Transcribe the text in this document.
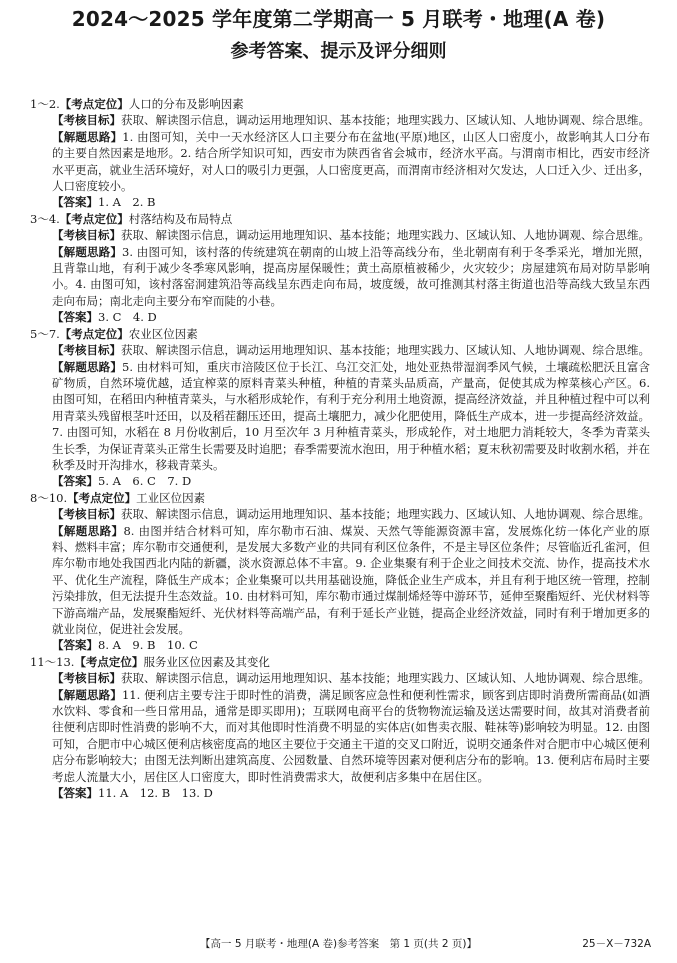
2024～2025 学年度第二学期高一 5 月联考・地理(A 卷)
参考答案、提示及评分细则

1～2.【考点定位】人口的分布及影响因素

【考核目标】获取、解读图示信息，调动运用地理知识、基本技能；地理实践力、区域认知、人地协调观、综合思维。

【解题思路】1. 由图可知，关中一天水经济区人口主要分布在盆地(平原)地区，山区人口密度小，故影响其人口分布的主要自然因素是地形。2. 结合所学知识可知，西安市为陕西省省会城市，经济水平高。与渭南市相比，西安市经济水平更高，就业生活环境好，对人口的吸引力更强，人口密度更高，而渭南市经济相对欠发达，人口迁入少、迁出多，人口密度较小。

【答案】1. A　2. B

3～4.【考点定位】村落结构及布局特点

【考核目标】获取、解读图示信息，调动运用地理知识、基本技能；地理实践力、区域认知、人地协调观、综合思维。

【解题思路】3. 由图可知，该村落的传统建筑在朝南的山坡上沿等高线分布，坐北朝南有利于冬季采光，增加光照，且背靠山地，有利于减少冬季寒风影响，提高房屋保暖性；黄土高原植被稀少，火灾较少；房屋建筑布局对防旱影响小。4. 由图可知，该村落窑洞建筑沿等高线呈东西走向布局，坡度缓，故可推测其村落主街道也沿等高线大致呈东西走向布局；南北走向主要分布窄而陡的小巷。

【答案】3. C　4. D

5～7.【考点定位】农业区位因素

【考核目标】获取、解读图示信息，调动运用地理知识、基本技能；地理实践力、区域认知、人地协调观、综合思维。

【解题思路】5. 由材料可知，重庆市涪陵区位于长江、乌江交汇处，地处亚热带湿润季风气候，土壤疏松肥沃且富含矿物质，自然环境优越，适宜榨菜的原料青菜头种植，种植的青菜头品质高，产量高，促使其成为榨菜核心产区。6. 由图可知，在稻田内种植青菜头，与水稻形成轮作，有利于充分利用土地资源，提高经济效益，并且种植过程中可以利用青菜头残留根茎叶还田，以及稻茬翻压还田，提高土壤肥力，减少化肥使用，降低生产成本，进一步提高经济效益。7. 由图可知，水稻在 8 月份收割后，10 月至次年 3 月种植青菜头，形成轮作，对土地肥力消耗较大，冬季为青菜头生长季，为保证青菜头正常生长需要及时追肥；春季需要流水泡田，用于种植水稻；夏末秋初需要及时收割水稻，并在秋季及时开沟排水，移栽青菜头。

【答案】5. A　6. C　7. D

8～10.【考点定位】工业区位因素

【考核目标】获取、解读图示信息，调动运用地理知识、基本技能；地理实践力、区域认知、人地协调观、综合思维。

【解题思路】8. 由图并结合材料可知，库尔勒市石油、煤炭、天然气等能源资源丰富，发展炼化纺一体化产业的原料、燃料丰富；库尔勒市交通便利，是发展大多数产业的共同有利区位条件，不是主导区位条件；尽管临近孔雀河，但库尔勒市地处我国西北内陆的新疆，淡水资源总体不丰富。9. 企业集聚有利于企业之间技术交流、协作，提高技术水平、优化生产流程，降低生产成本；企业集聚可以共用基础设施，降低企业生产成本，并且有利于地区统一管理，控制污染排放，但无法提升生态效益。10. 由材料可知，库尔勒市通过煤制烯烃等中游环节，延伸至聚酯短纤、光伏材料等下游高端产品，发展聚酯短纤、光伏材料等高端产品，有利于延长产业链，提高企业经济效益，同时有利于增加更多的就业岗位，促进社会发展。

【答案】8. A　9. B　10. C

11～13.【考点定位】服务业区位因素及其变化

【考核目标】获取、解读图示信息，调动运用地理知识、基本技能；地理实践力、区域认知、人地协调观、综合思维。

【解题思路】11. 便利店主要专注于即时性的消费，满足顾客应急性和便利性需求，顾客到店即时消费所需商品(如酒水饮料、零食和一些日常用品，通常是即买即用)；互联网电商平台的货物物流运输及送达需要时间，故其对消费者前往便利店即时性消费的影响不大，而对其他即时性消费不明显的实体店(如售卖衣服、鞋袜等)影响较为明显。12. 由图可知，合肥市中心城区便利店核密度高的地区主要位于交通主干道的交叉口附近，说明交通条件对合肥市中心城区便利店分布影响较大；由图无法判断出建筑高度、公园数量、自然环境等因素对便利店分布的影响。13. 便利店布局时主要考虑人流量大小，居住区人口密度大，即时性消费需求大，故便利店多集中在居住区。

【答案】11. A　12. B　13. D

【高一 5 月联考・地理(A 卷)参考答案　第 1 页(共 2 页)】	25－X－732A
